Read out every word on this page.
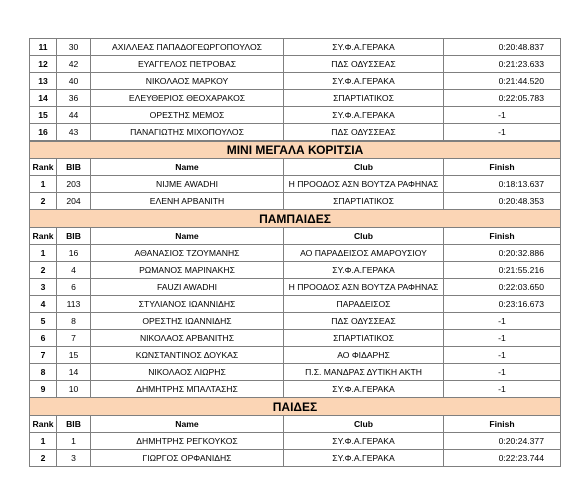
11	30	ΑΧΙΛΛΕΑΣ ΠΑΠΑΔΟΓΕΩΡΓΟΠΟΥΛΟΣ	ΣΥ.Φ.Α.ΓΕΡΑΚΑ	0:20:48.837
12	42	ΕΥΑΓΓΕΛΟΣ ΠΕΤΡΟΒΑΣ	ΠΔΣ ΟΔΥΣΣΕΑΣ	0:21:23.633
13	40	ΝΙΚΟΛΑΟΣ ΜΑΡΚΟΥ	ΣΥ.Φ.Α.ΓΕΡΑΚΑ	0:21:44.520
14	36	ΕΛΕΥΘΕΡΙΟΣ ΘΕΟΧΑΡΑΚΟΣ	ΣΠΑΡΤΙΑΤΙΚΟΣ	0:22:05.783
15	44	ΟΡΕΣΤΗΣ ΜΕΜΟΣ	ΣΥ.Φ.Α.ΓΕΡΑΚΑ	-1
16	43	ΠΑΝΑΓΙΩΤΗΣ ΜΙΧΟΠΟΥΛΟΣ	ΠΔΣ ΟΔΥΣΣΕΑΣ	-1
ΜΙΝΙ ΜΕΓΑΛΑ ΚΟΡΙΤΣΙΑ				
Rank	BIB	Name	Club	Finish
1	203	ΝΙJΜΕ AWADHI	Η ΠΡΟΟΔΟΣ ΑΣΝ ΒΟΥΤΖΑ ΡΑΦΗΝΑΣ	0:18:13.637
2	204	ΕΛΕΝΗ ΑΡΒΑΝΙΤΗ	ΣΠΑΡΤΙΑΤΙΚΟΣ	0:20:48.353
ΠΑΜΠΑΙΔΕΣ				
Rank	BIB	Name	Club	Finish
1	16	ΑΘΑΝΑΣΙΟΣ ΤΖΟΥΜΑΝΗΣ	ΑΟ ΠΑΡΑΔΕΙΣΟΣ ΑΜΑΡΟΥΣΙΟΥ	0:20:32.886
2	4	ΡΩΜΑΝΟΣ ΜΑΡΙΝΑΚΗΣ	ΣΥ.Φ.Α.ΓΕΡΑΚΑ	0:21:55.216
3	6	FAUZI AWADHI	Η ΠΡΟΟΔΟΣ ΑΣΝ ΒΟΥΤΖΑ ΡΑΦΗΝΑΣ	0:22:03.650
4	113	ΣΤΥΛΙΑΝΟΣ ΙΩΑΝΝΙΔΗΣ	ΠΑΡΑΔΕΙΣΟΣ	0:23:16.673
5	8	ΟΡΕΣΤΗΣ ΙΩΑΝΝΙΔΗΣ	ΠΔΣ ΟΔΥΣΣΕΑΣ	-1
6	7	ΝΙΚΟΛΑΟΣ ΑΡΒΑΝΙΤΗΣ	ΣΠΑΡΤΙΑΤΙΚΟΣ	-1
7	15	ΚΩΝΣΤΑΝΤΙΝΟΣ ΔΟΥΚΑΣ	ΑΟ ΦΙΔΑΡΗΣ	-1
8	14	ΝΙΚΟΛΑΟΣ ΛΙΩΡΗΣ	Π.Σ. ΜΑΝΔΡΑΣ ΔΥΤΙΚΗ ΑΚΤΗ	-1
9	10	ΔΗΜΗΤΡΗΣ ΜΠΑΛΤΑΣΗΣ	ΣΥ.Φ.Α.ΓΕΡΑΚΑ	-1
ΠΑΙΔΕΣ				
Rank	BIB	Name	Club	Finish
1	1	ΔΗΜΗΤΡΗΣ ΡΕΓΚΟΥΚΟΣ	ΣΥ.Φ.Α.ΓΕΡΑΚΑ	0:20:24.377
2	3	ΓΙΩΡΓΟΣ ΟΡΦΑΝΙΔΗΣ	ΣΥ.Φ.Α.ΓΕΡΑΚΑ	0:22:23.744
